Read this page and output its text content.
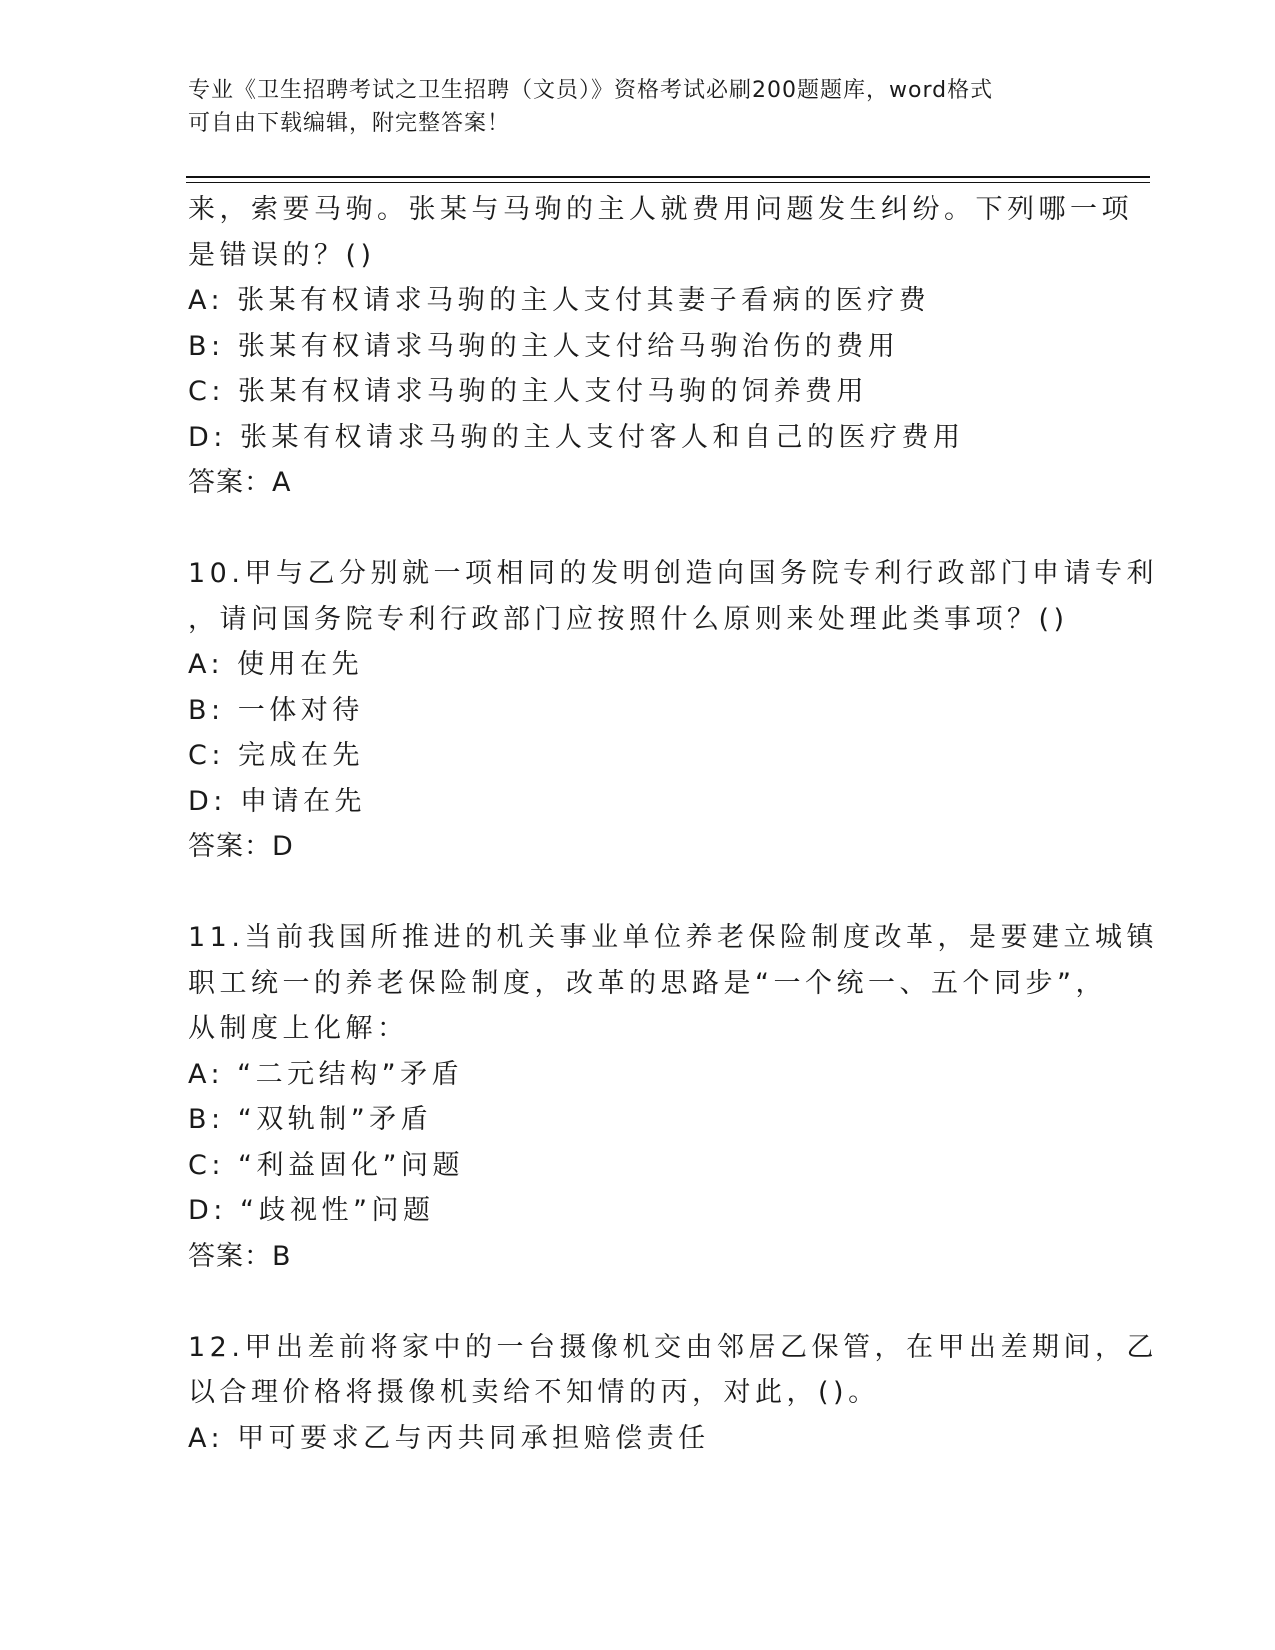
专业《卫生招聘考试之卫生招聘（文员）》资格考试必刷200题题库，word格式
可自由下载编辑，附完整答案！
来，索要马驹。张某与马驹的主人就费用问题发生纠纷。下列哪一项
是错误的？()
A: 张某有权请求马驹的主人支付其妻子看病的医疗费
B: 张某有权请求马驹的主人支付给马驹治伤的费用
C: 张某有权请求马驹的主人支付马驹的饲养费用
D: 张某有权请求马驹的主人支付客人和自己的医疗费用
答案：A
10.甲与乙分别就一项相同的发明创造向国务院专利行政部门申请专利
，请问国务院专利行政部门应按照什么原则来处理此类事项？()
A: 使用在先
B: 一体对待
C: 完成在先
D: 申请在先
答案：D
11.当前我国所推进的机关事业单位养老保险制度改革，是要建立城镇
职工统一的养老保险制度，改革的思路是“一个统一、五个同步”，
从制度上化解：
A: “二元结构”矛盾
B: “双轨制”矛盾
C: “利益固化”问题
D: “歧视性”问题
答案：B
12.甲出差前将家中的一台摄像机交由邻居乙保管，在甲出差期间，乙
以合理价格将摄像机卖给不知情的丙，对此，()。
A: 甲可要求乙与丙共同承担赔偿责任
